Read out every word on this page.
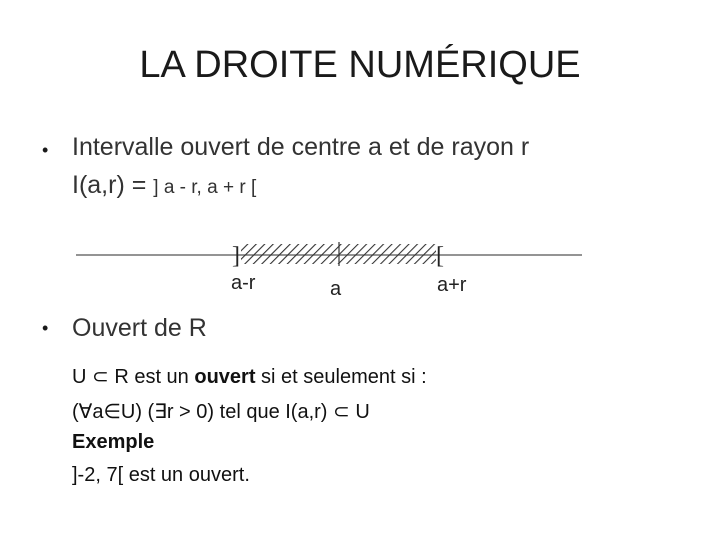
LA DROITE NUMÉRIQUE
• Intervalle ouvert de centre a et de rayon r
I(a,r) = ] a - r, a + r [
]	[
a-r	a	a+r
• Ouvert de R
U ⊂ R est un ouvert si et seulement si :
(∀a∈U) (∃r > 0) tel que I(a,r) ⊂ U
Exemple
]-2, 7[ est un ouvert.
